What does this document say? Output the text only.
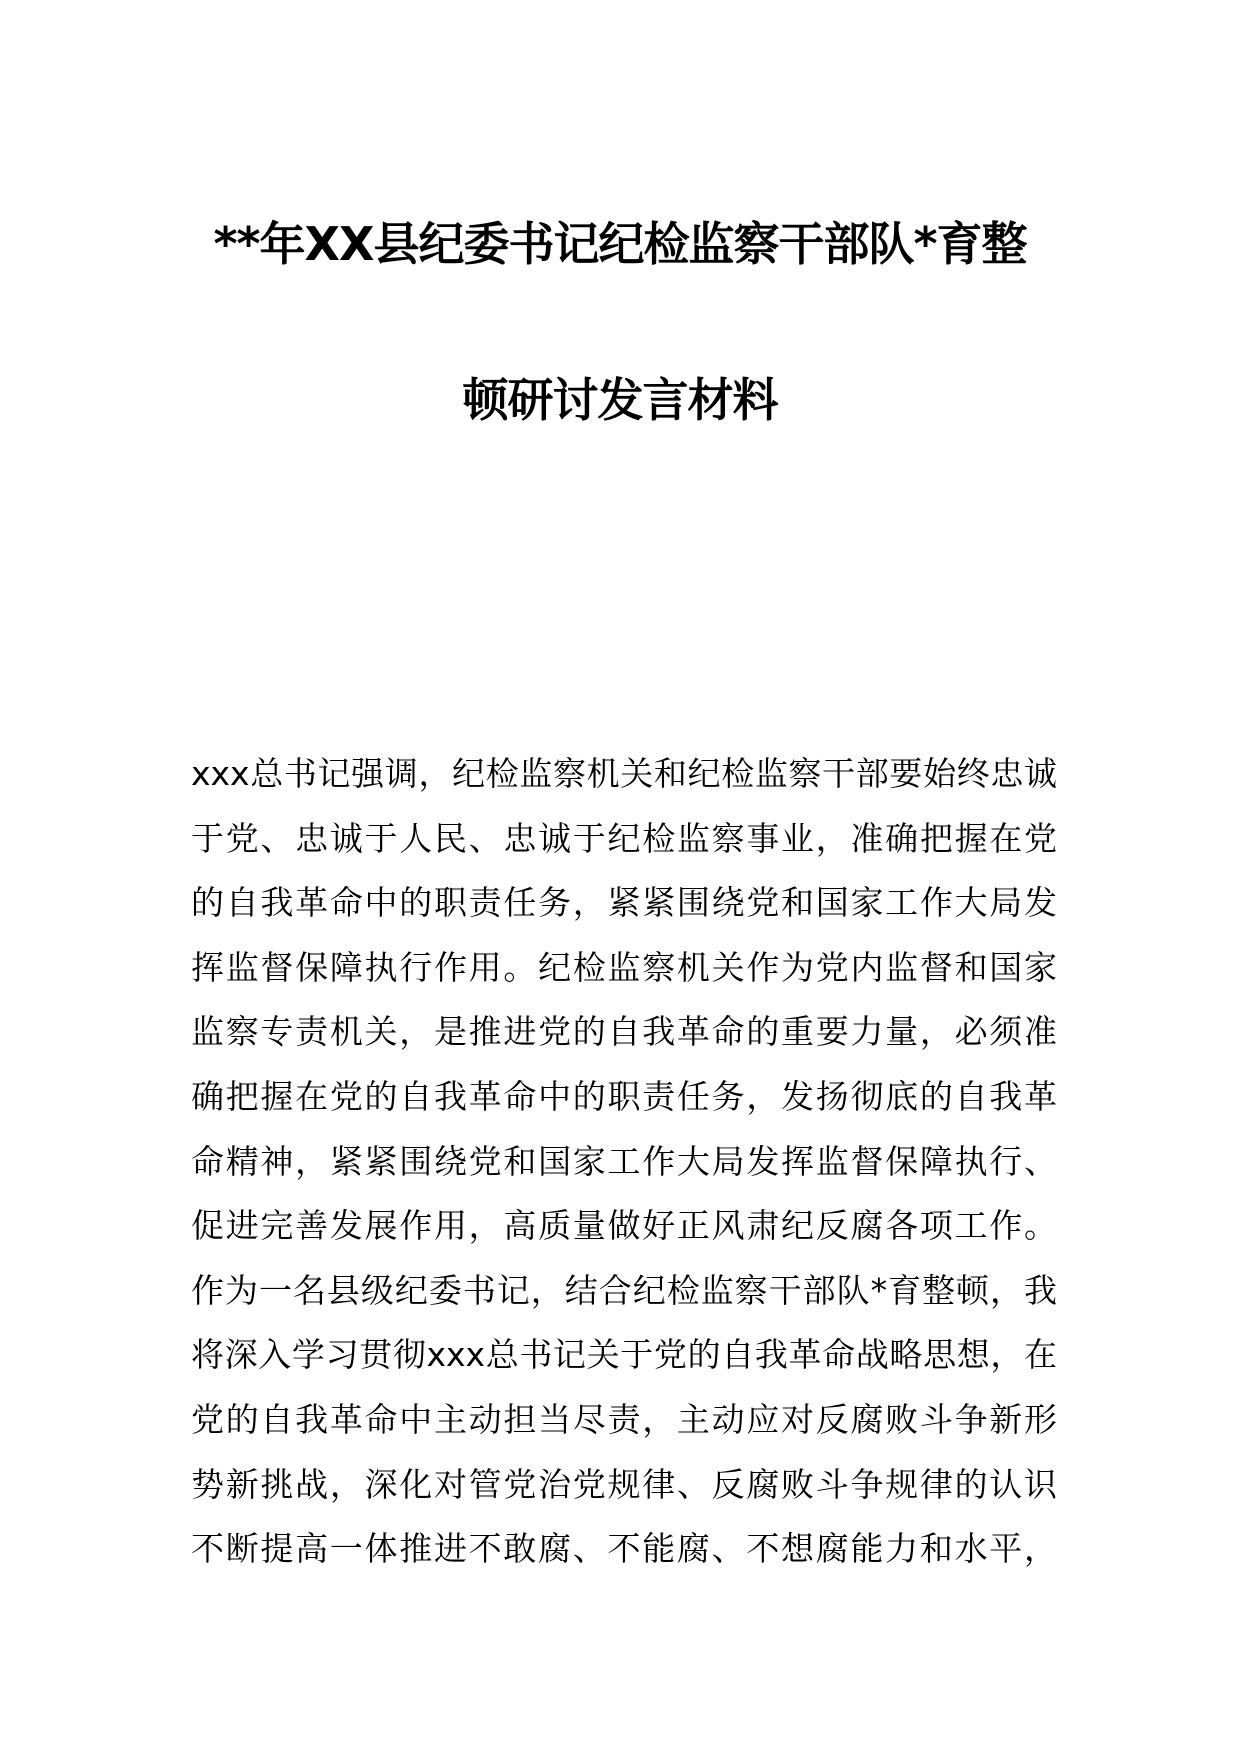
**年XX县纪委书记纪检监察干部队*育整
顿研讨发言材料
xxx总书记强调，纪检监察机关和纪检监察干部要始终忠诚
于党、忠诚于人民、忠诚于纪检监察事业，准确把握在党
的自我革命中的职责任务，紧紧围绕党和国家工作大局发
挥监督保障执行作用。纪检监察机关作为党内监督和国家
监察专责机关，是推进党的自我革命的重要力量，必须准
确把握在党的自我革命中的职责任务，发扬彻底的自我革
命精神，紧紧围绕党和国家工作大局发挥监督保障执行、
促进完善发展作用，高质量做好正风肃纪反腐各项工作。
作为一名县级纪委书记，结合纪检监察干部队*育整顿，我
将深入学习贯彻xxx总书记关于党的自我革命战略思想，在
党的自我革命中主动担当尽责，主动应对反腐败斗争新形
势新挑战，深化对管党治党规律、反腐败斗争规律的认识
不断提高一体推进不敢腐、不能腐、不想腐能力和水平，
